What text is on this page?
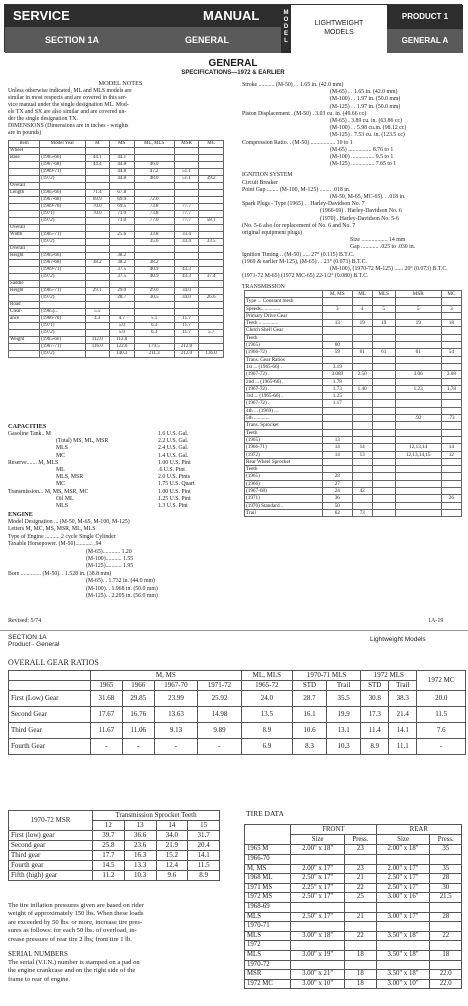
SERVICE	MANUAL
SECTION 1A	GENERAL
M
O
D
E
L
LIGHTWEIGHT
MODELS
PRODUCT 1
GENERAL A
GENERAL
SPECIFICATIONS—1972 & EARLIER
MODEL NOTES
Unless otherwise indicated, ML and MLS models are
similar in most respects and are covered in this ser-
vice manual under the single designation ML. Mod-
els TX and SX are also similar and are covered un-
der the single designation TX.
DIMENSIONS (Dimensions are in inches - weights
are in pounds)
Item	Model Year	M	MS	ML, MLS	MSR	MC
Wheel						
Base	(1965-66)	44.1	44.1			
	(1967-68)	44.4	44.8	46.0		
	(1969-71)		44.8	47.2	51.1	
	(1972)		44.8	48.0	51.1	39.2
Overall						
Length	(1965-66)	71.4	67.8			
	(1967-68)	69.9	69.9	72.0		
	(1969-70)	70.0	69.5	73.8	77.7	
	(1971)	70.0	71.0	73.8	77.7	
	(1972)		71.0	77.0	77.7	58.1
Overall						
Width	(1965-71)		25.6	33.8	33.4	
	(1972)			35.6	33.4	33.5
Overall						
Height	(1965-66)		38.2			
	(1967-68)	38.2	38.2	38.2		
	(1969-71)		37.5	40.9	43.3	
	(1972)		37.5	40.9	43.3	37.4
Saddle						
Height	(1965-71)	29.1	29.0	29.0	34.0	
	(1972)		28.7	30.5	34.0	26.6
Road						
Clear-	(1965)...	5.5				
ance	(1966-70)	4.3	4.7	5.1	11.7	
	(1971)		5.0	6.3	11.7	
	(1972)		5.0	6.3	11.7	5.7
Weight	(1965-66)	112.0	112.0			
	(1967-71)	116.0	122.0	179.5	212.0	
	(1972)		140.3	211.3	212.0	136.0
CAPACITIES
Gasoline Tank.. M	1.6 U.S. Gal.
(Total) MS, ML, MSR	2.2 U.S. Gal.
MLS	2.4 U.S. Gal.
MC	1.4 U.S. Gal.
Reserve....... M, MLS	1.00 U.S. Pint
ML	.6 U.S. Pint
MLS, MSR	2.0 U.S. Pints
MC	1.75 U.S. Quart
Transmission... M, MS, MSR, MC	1.00 U.S. Pint
Oil ML	1.25 U.S. Pint
MLS	1.3 U.S. Pint
ENGINE
Model Designation ... (M-50, M-65, M-100, M-125)
Letters M, MC, MS, MSR, ML, MLS
Type of Engine .......... 2 cycle Single Cylinder
Taxable Horsepower. (M-50)............ .94
(M-65)............ 1.20
(M-100)........... 1.55
(M-125)........... 1.95
Bore .............. (M-50). . 1.528 in. (38.8 mm)
(M-65). . 1.732 in. (44.0 mm)
(M-100). . 1.968 in. (50.0 mm)
(M-125). . 2.205 in. (56.0 mm)
Revised: 5/74	1A-19
Stroke ........... (M-50) . . 1.65 in. (42.0 mm)
(M-65) . . 1.65 in. (42.0 mm)
(M-100) . . 1.97 in. (50.0 mm)
(M-125) . . 1.97 in. (50.0 mm)
Piston Displacement . (M-50) . 3.03 cu. in. (49.66 cc)
(M-65) . 3.89 cu. in. (63.86 cc)
(M-100) . . 5.98 cu.in. (98.12 cc)
(M-125) . 7.53 cu. in. (123.5 cc)
Compression Ratio. . (M-50) ................. 10 to 1
(M-65) ................ 8.76 to 1
(M-100) ................ 9.5 to 1
(M-125) ................ 7.65 to 1
IGNITION SYSTEM
Circuit Breaker
Point Gap ........ (M-100, M-125) ........ .018 in.
(M-50, M-65, MC-65). . .018 in.
Spark Plugs - Type (1965) . . Harley-Davidson No. 7
(1966-69) . Harley-Davidson No. 6
(1970) . Harley-Davidson No. 5-6
(No. 5-6 also for replacement of No. 6 and No. 7
original equipment plugs)
Size .................. 14 mm
Gap ............ .025 to .030 in.
Ignition Timing .. (M-50) ..... 27° (0.115) B.T.C.
(1969 & earlier M-125), (M-65) . . 23° (0.073) B.T.C.
(M-100), (1970-72 M-125) ...... 20° (0.073) B.T.C.
(1971-72 M-65) (1972 MC-65) 22-1/2° (0.080) B.T.C.
TRANSMISSION
	M, MS	ML	MLS	MSR	MC
Type ... Constant mesh					
Speeds...............	3	4	5	5	3
Primary Drive Gear					
Teeth ...............	13	19	19	19	18
Clutch Shell Gear					
Teeth					
(1965)	60				
(1966-72)	59	61	61	61	54
Trans. Gear Ratios					
1st ... (1965-66) .	3.19				
(1967-72) .	3.089	2.50		3.06	3.08
2nd ... (1965-66) .	1.78				
(1967-72) .	1.73	1.40		1.23	1.78
3rd ... (1965-66) .	1.25				
(1967-72) .	1.17				
4th ... (1969) ....					
5th ............				.92	.73
Trans. Sprocket					
Teeth					
(1965)	13				
(1966-71)	14	14		12,13,14	14
(1972)	14	13		12,13,14,15	12
Rear Wheel Sprocket					
Teeth					
(1965)	28				
(1966)	27				
(1967-68)	24	42			
(1971)	36				26
(1970) Standard ..	50				
Trail	62	73			
SECTION 1A
Product - General
Lightweight Models
OVERALL GEAR RATIOS
	M, MS				ML, MLS	1970-71 MLS		1972 MLS		1972 MC
	1965	1966	1967-70	1971-72	1965-72	STD	Trail	STD	Trail	
First (Low) Gear	31.68	29.85	23.99	25.92	24.0	28.7	35.5	30.8	38.3	20.0
Second Gear	17.67	16.76	13.63	14.98	13.5	16.1	19.9	17.3	21.4	11.5
Third Gear	11.67	11.06	9.13	9.89	8.9	10.6	13.1	11.4	14.1	7.6
Fourth Gear	-	-	-	-	6.9	8.3	10.3	8.9	11.1	-
1970-72 MSR	Transmission Sprocket Teeth			
	12	13	14	15
First (low) gear	39.7	36.6	34.0	31.7
Second gear	25.8	23.6	21.9	20.4
Third gear	17.7	16.3	15.2	14.1
Fourth gear	14.5	13.3	12.4	11.5
Fifth (high) gear	11.2	10.3	9.6	8.9
The tire inflation pressures given are based on rider
weight of approximately 150 lbs. When these loads
are exceeded by 50 lbs. or more, increase tire pres-
sures as follows: for each 50 lbs. of overload, in-
crease pressure of rear tire 2 lbs; front tire 1 lb.
SERIAL NUMBERS
The serial (V.I.N.) number is stamped on a pad on
the engine crankcase and on the right side of the
frame to rear of engine.
TIRE DATA
	FRONT		REAR	
	Size	Press.	Size	Press.
1965 M	2.00" x 18"	23	2.00" x 18"	35
1966-70				
M, MS	2.00" x 17"	23	2.00" x 17"	35
1968 ML	2.50" x 17"	21	2.50" x 17"	28
1971 MS	2.25" x 17"	22	2.50" x 17"	30
1972 MS	2.50" x 17"	25	3.00" x 16"	21.5
1968-69				
MLS	2.50" x 17"	21	3.00" x 17"	28
1970-71				
MLS	3.00" x 18"	22	3.50" x 18"	22
1972				
MLS	3.00" x 19"	18	3.50" x 18"	18
1970-72				
MSR	3.00" x 21"	18	3.50" x 18"	22.0
1972 MC	3.00" x 10"	18	3.00" x 10"	22.0
